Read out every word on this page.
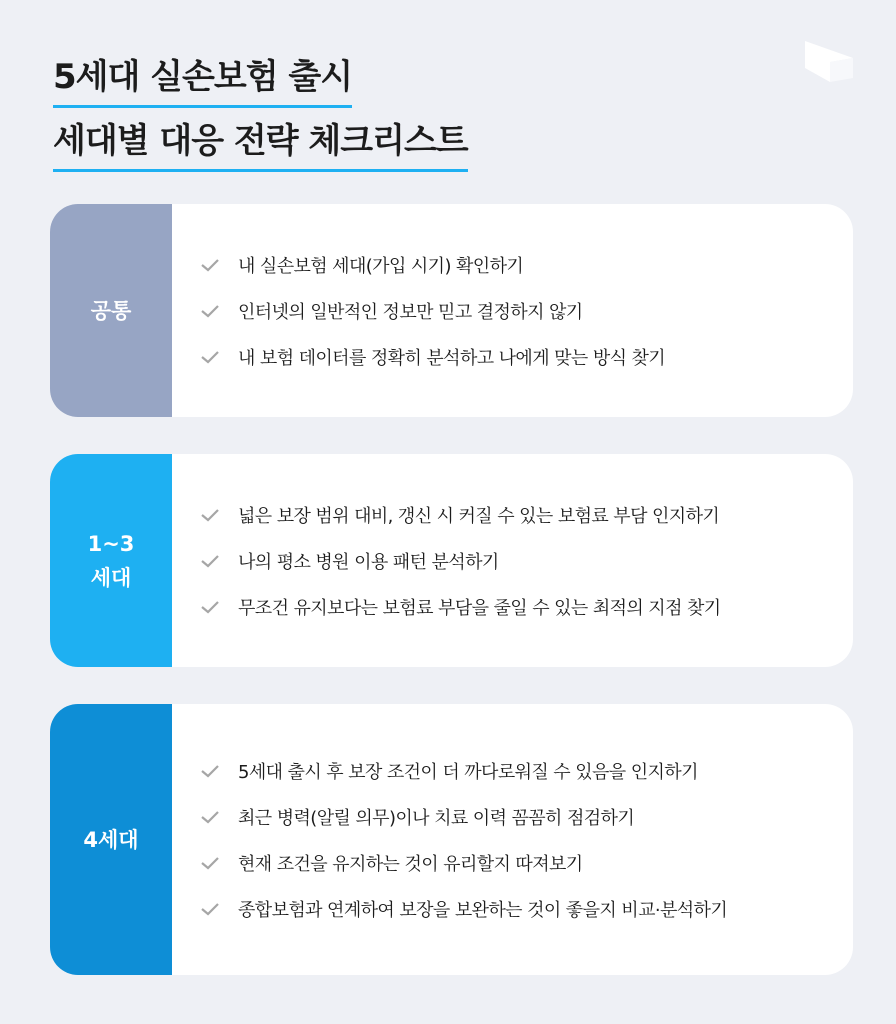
5세대 실손보험 출시
세대별 대응 전략 체크리스트
공통
내 실손보험 세대(가입 시기) 확인하기
인터넷의 일반적인 정보만 믿고 결정하지 않기
내 보험 데이터를 정확히 분석하고 나에게 맞는 방식 찾기
1~3
세대
넓은 보장 범위 대비, 갱신 시 커질 수 있는 보험료 부담 인지하기
나의 평소 병원 이용 패턴 분석하기
무조건 유지보다는 보험료 부담을 줄일 수 있는 최적의 지점 찾기
4세대
5세대 출시 후 보장 조건이 더 까다로워질 수 있음을 인지하기
최근 병력(알릴 의무)이나 치료 이력 꼼꼼히 점검하기
현재 조건을 유지하는 것이 유리할지 따져보기
종합보험과 연계하여 보장을 보완하는 것이 좋을지 비교·분석하기
